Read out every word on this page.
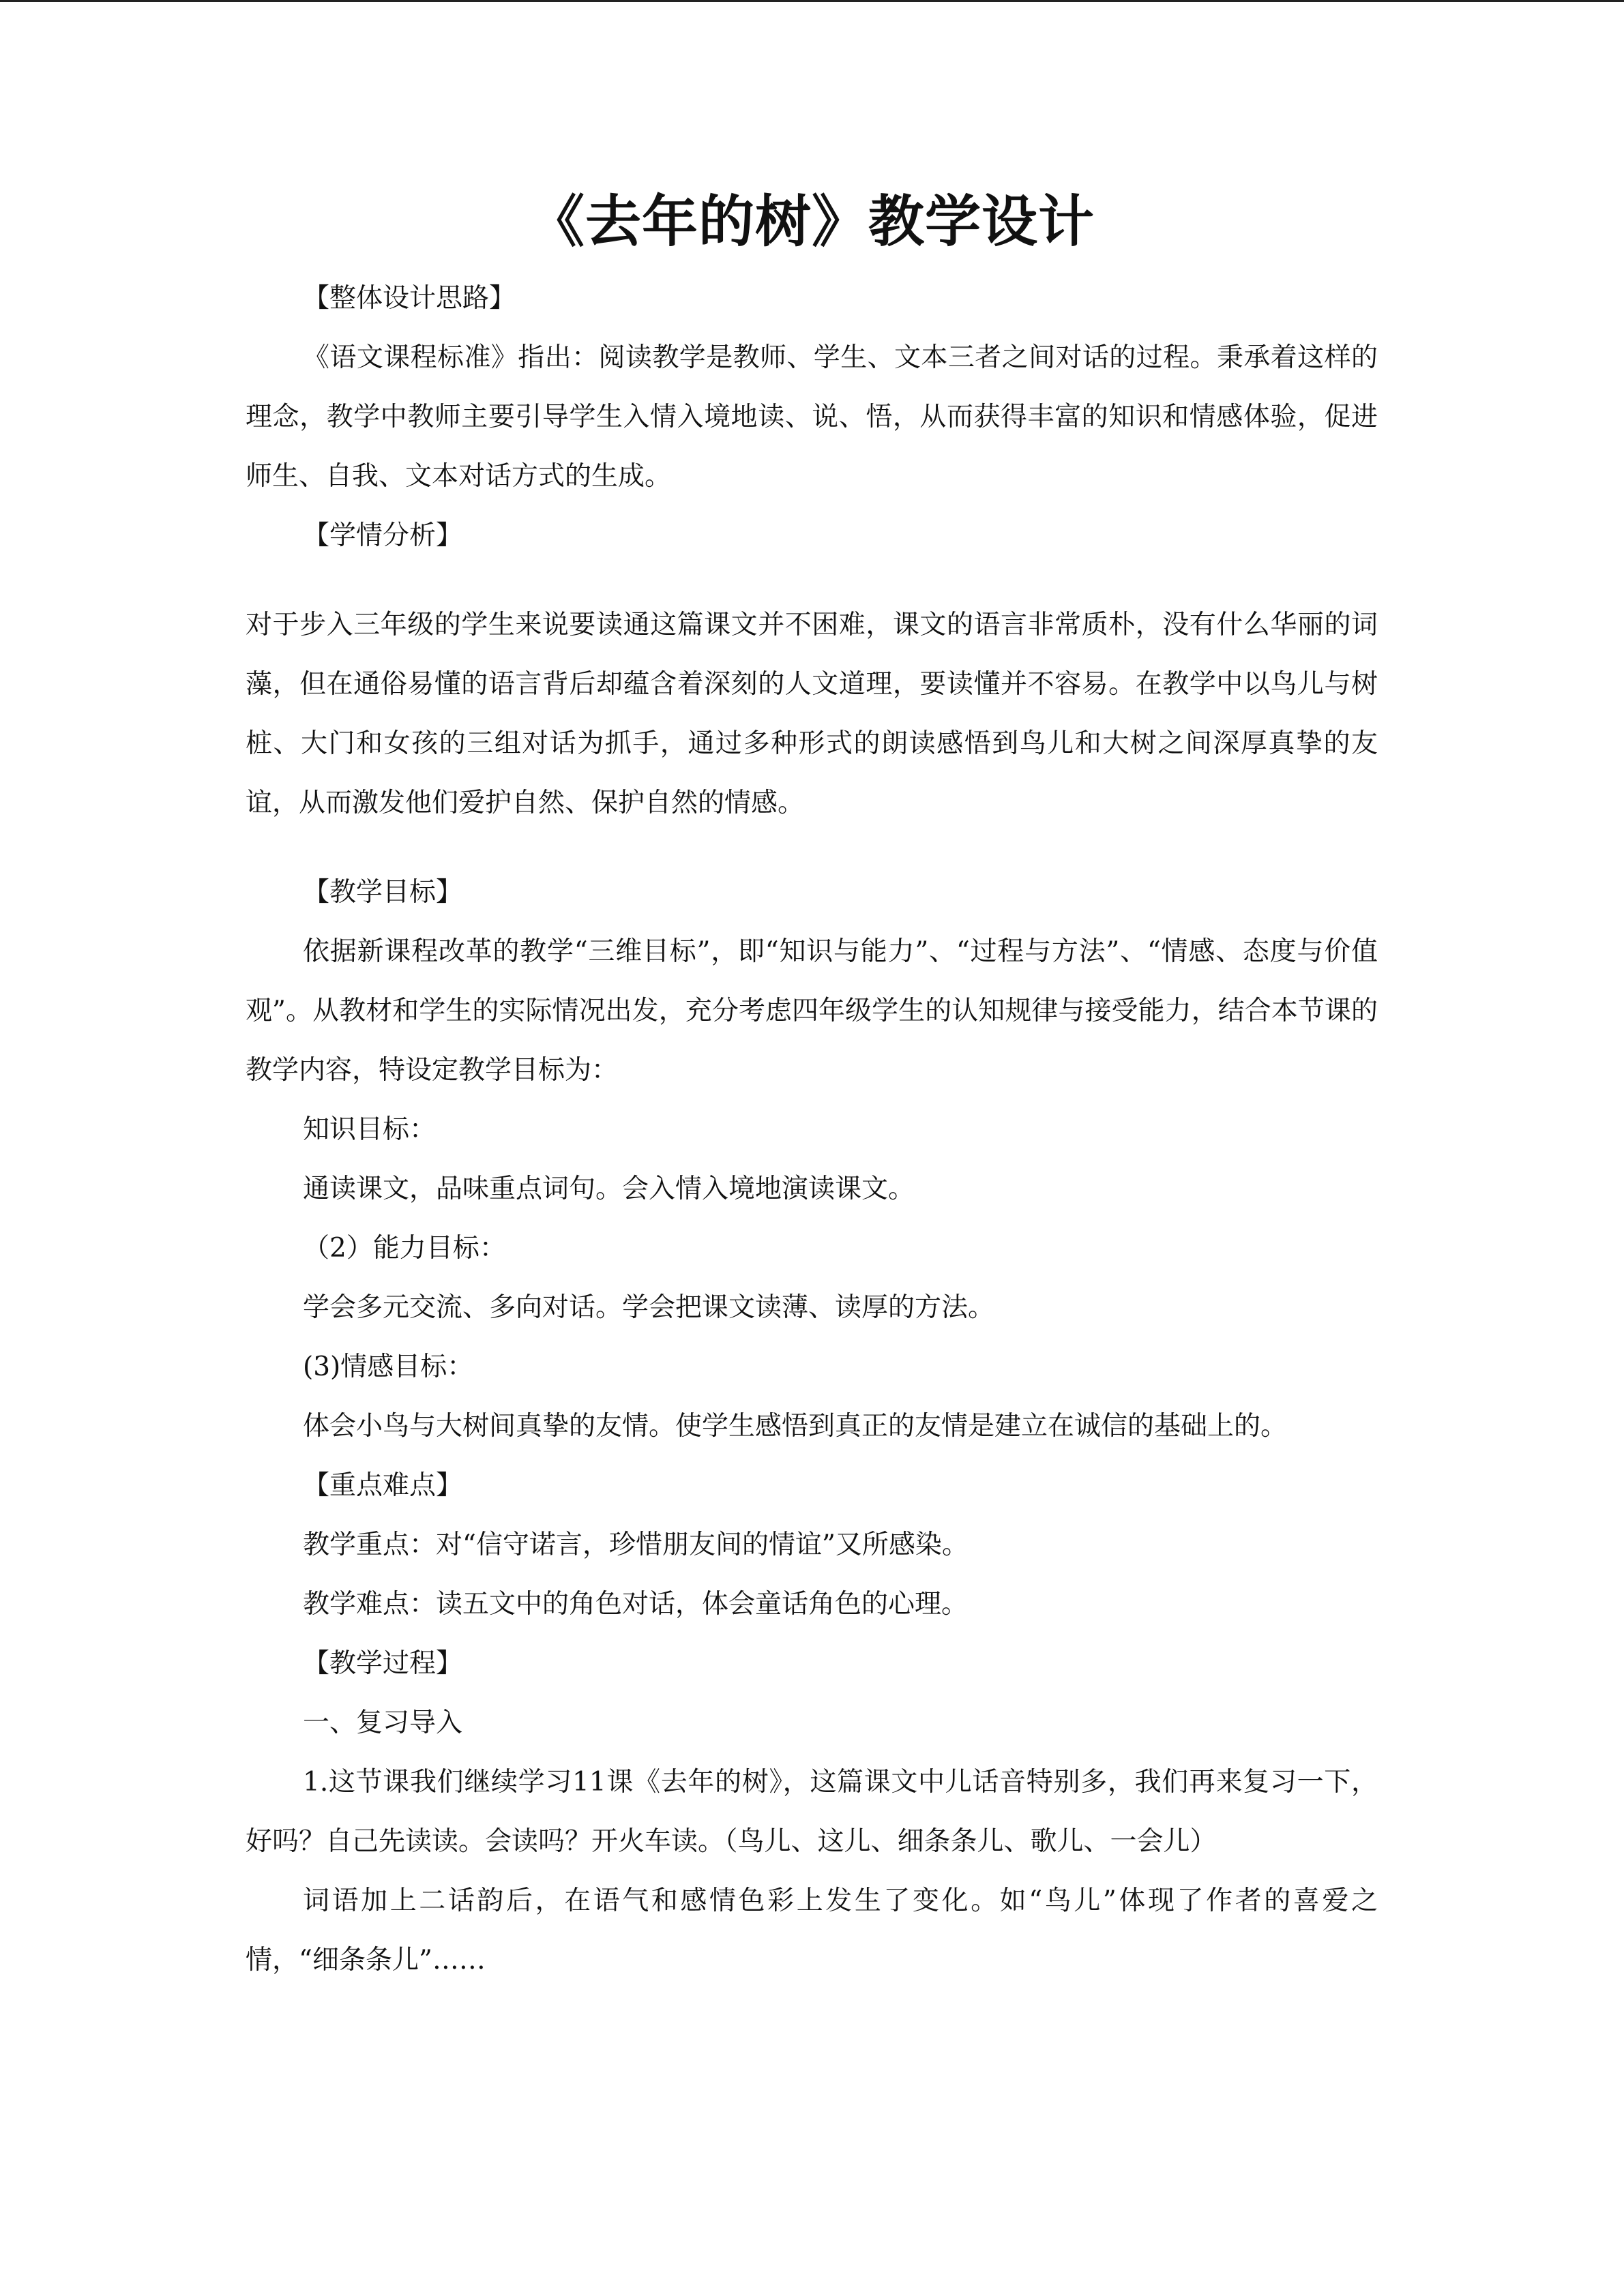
《去年的树》教学设计

【整体设计思路】

《语文课程标准》指出：阅读教学是教师、学生、文本三者之间对话的过程。秉承着这样的理念，教学中教师主要引导学生入情入境地读、说、悟，从而获得丰富的知识和情感体验，促进师生、自我、文本对话方式的生成。

【学情分析】

对于步入三年级的学生来说要读通这篇课文并不困难，课文的语言非常质朴，没有什么华丽的词藻，但在通俗易懂的语言背后却蕴含着深刻的人文道理，要读懂并不容易。在教学中以鸟儿与树桩、大门和女孩的三组对话为抓手，通过多种形式的朗读感悟到鸟儿和大树之间深厚真挚的友谊，从而激发他们爱护自然、保护自然的情感。

【教学目标】

依据新课程改革的教学“三维目标”，即“知识与能力”、“过程与方法”、“情感、态度与价值观”。从教材和学生的实际情况出发，充分考虑四年级学生的认知规律与接受能力，结合本节课的教学内容，特设定教学目标为：

知识目标：

通读课文，品味重点词句。会入情入境地演读课文。

（2）能力目标：

学会多元交流、多向对话。学会把课文读薄、读厚的方法。

(3)情感目标：

体会小鸟与大树间真挚的友情。使学生感悟到真正的友情是建立在诚信的基础上的。

【重点难点】

教学重点：对“信守诺言，珍惜朋友间的情谊”又所感染。

教学难点：读五文中的角色对话，体会童话角色的心理。

【教学过程】

一、复习导入

1.这节课我们继续学习11课《去年的树》，这篇课文中儿话音特别多，我们再来复习一下，好吗？自己先读读。会读吗？开火车读。（鸟儿、这儿、细条条儿、歌儿、一会儿）

词语加上二话韵后，在语气和感情色彩上发生了变化。如“鸟儿”体现了作者的喜爱之情，“细条条儿”……
